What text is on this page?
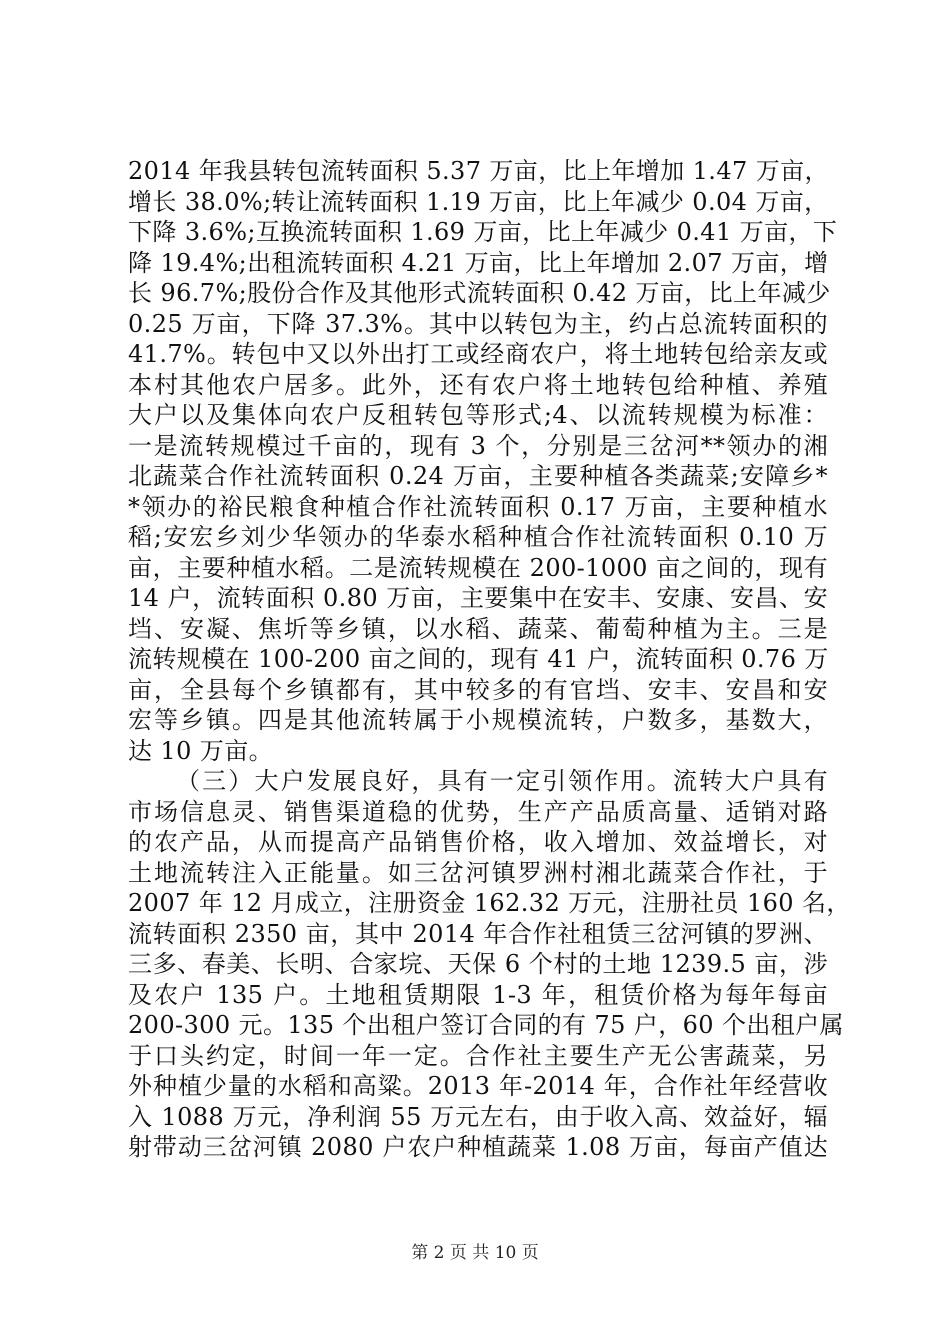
2014 年我县转包流转面积 5.37 万亩，比上年增加 1.47 万亩，
增长 38.0%;转让流转面积 1.19 万亩，比上年减少 0.04 万亩，
下降 3.6%;互换流转面积 1.69 万亩，比上年减少 0.41 万亩，下
降 19.4%;出租流转面积 4.21 万亩，比上年增加 2.07 万亩，增
长 96.7%;股份合作及其他形式流转面积 0.42 万亩，比上年减少
0.25 万亩，下降 37.3%。其中以转包为主，约占总流转面积的
41.7%。转包中又以外出打工或经商农户，将土地转包给亲友或
本村其他农户居多。此外，还有农户将土地转包给种植、养殖
大户以及集体向农户反租转包等形式;4、以流转规模为标准：
一是流转规模过千亩的，现有 3 个，分别是三岔河**领办的湘
北蔬菜合作社流转面积 0.24 万亩，主要种植各类蔬菜;安障乡*
*领办的裕民粮食种植合作社流转面积 0.17 万亩，主要种植水
稻;安宏乡刘少华领办的华泰水稻种植合作社流转面积 0.10 万
亩，主要种植水稻。二是流转规模在 200-1000 亩之间的，现有
14 户，流转面积 0.80 万亩，主要集中在安丰、安康、安昌、安
垱、安凝、焦圻等乡镇，以水稻、蔬菜、葡萄种植为主。三是
流转规模在 100-200 亩之间的，现有 41 户，流转面积 0.76 万
亩，全县每个乡镇都有，其中较多的有官垱、安丰、安昌和安
宏等乡镇。四是其他流转属于小规模流转，户数多，基数大，
达 10 万亩。
（三）大户发展良好，具有一定引领作用。流转大户具有
市场信息灵、销售渠道稳的优势，生产产品质高量、适销对路
的农产品，从而提高产品销售价格，收入增加、效益增长，对
土地流转注入正能量。如三岔河镇罗洲村湘北蔬菜合作社，于
2007 年 12 月成立，注册资金 162.32 万元，注册社员 160 名，
流转面积 2350 亩，其中 2014 年合作社租赁三岔河镇的罗洲、
三多、春美、长明、合家垸、天保 6 个村的土地 1239.5 亩，涉
及农户 135 户。土地租赁期限 1-3 年，租赁价格为每年每亩
200-300 元。135 个出租户签订合同的有 75 户，60 个出租户属
于口头约定，时间一年一定。合作社主要生产无公害蔬菜，另
外种植少量的水稻和高粱。2013 年-2014 年，合作社年经营收
入 1088 万元，净利润 55 万元左右，由于收入高、效益好，辐
射带动三岔河镇 2080 户农户种植蔬菜 1.08 万亩，每亩产值达
第 2 页 共 10 页
